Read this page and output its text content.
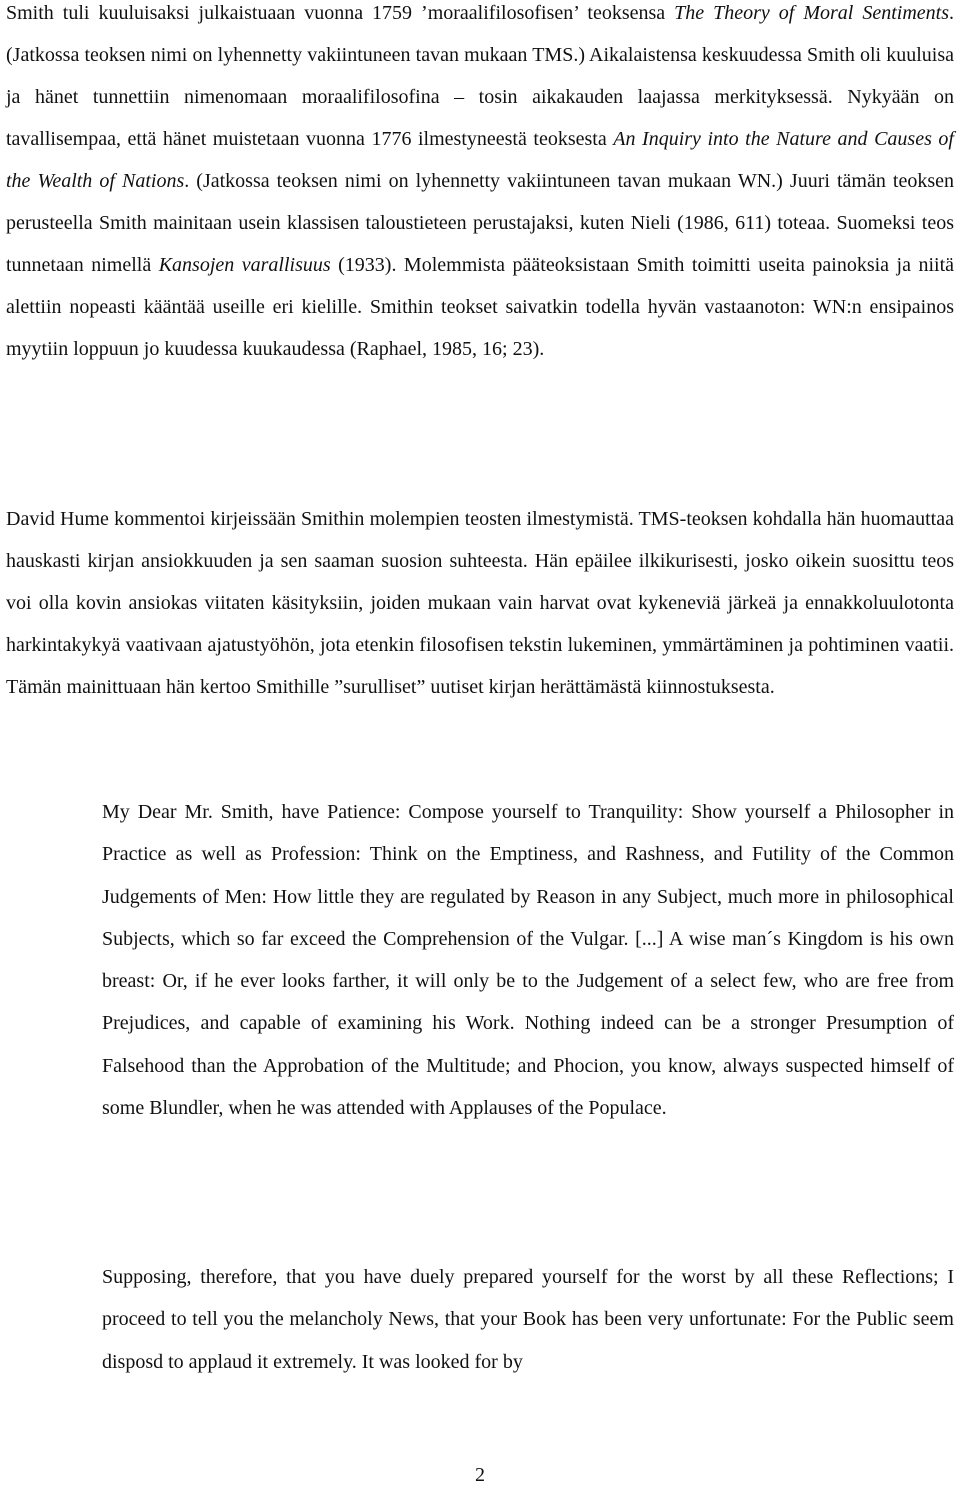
Smith tuli kuuluisaksi julkaistuaan vuonna 1759 ’moraalifilosofisen’ teoksensa The Theory of Moral Sentiments. (Jatkossa teoksen nimi on lyhennetty vakiintuneen tavan mukaan TMS.) Aikalaistensa keskuudessa Smith oli kuuluisa ja hänet tunnettiin nimenomaan moraalifilosofina – tosin aikakauden laajassa merkityksessä. Nykyään on tavallisempaa, että hänet muistetaan vuonna 1776 ilmestyneestä teoksesta An Inquiry into the Nature and Causes of the Wealth of Nations. (Jatkossa teoksen nimi on lyhennetty vakiintuneen tavan mukaan WN.) Juuri tämän teoksen perusteella Smith mainitaan usein klassisen taloustieteen perustajaksi, kuten Nieli (1986, 611) toteaa. Suomeksi teos tunnetaan nimellä Kansojen varallisuus (1933). Molemmista pääteoksistaan Smith toimitti useita painoksia ja niitä alettiin nopeasti kääntää useille eri kielille. Smithin teokset saivatkin todella hyvän vastaanoton: WN:n ensipainos myytiin loppuun jo kuudessa kuukaudessa (Raphael, 1985, 16; 23).

David Hume kommentoi kirjeissään Smithin molempien teosten ilmestymistä. TMS-teoksen kohdalla hän huomauttaa hauskasti kirjan ansiokkuuden ja sen saaman suosion suhteesta. Hän epäilee ilkikurisesti, josko oikein suosittu teos voi olla kovin ansiokas viitaten käsityksiin, joiden mukaan vain harvat ovat kykeneviä järkeä ja ennakkoluulotonta harkintakykyä vaativaan ajatustyöhön, jota etenkin filosofisen tekstin lukeminen, ymmärtäminen ja pohtiminen vaatii. Tämän mainittuaan hän kertoo Smithille ”surulliset” uutiset kirjan herättämästä kiinnostuksesta.

My Dear Mr. Smith, have Patience: Compose yourself to Tranquility: Show yourself a Philosopher in Practice as well as Profession: Think on the Emptiness, and Rashness, and Futility of the Common Judgements of Men: How little they are regulated by Reason in any Subject, much more in philosophical Subjects, which so far exceed the Comprehension of the Vulgar. [...] A wise man´s Kingdom is his own breast: Or, if he ever looks farther, it will only be to the Judgement of a select few, who are free from Prejudices, and capable of examining his Work. Nothing indeed can be a stronger Presumption of Falsehood than the Approbation of the Multitude; and Phocion, you know, always suspected himself of some Blundler, when he was attended with Applauses of the Populace.

Supposing, therefore, that you have duely prepared yourself for the worst by all these Reflections; I proceed to tell you the melancholy News, that your Book has been very unfortunate: For the Public seem disposd to applaud it extremely. It was looked for by

2
